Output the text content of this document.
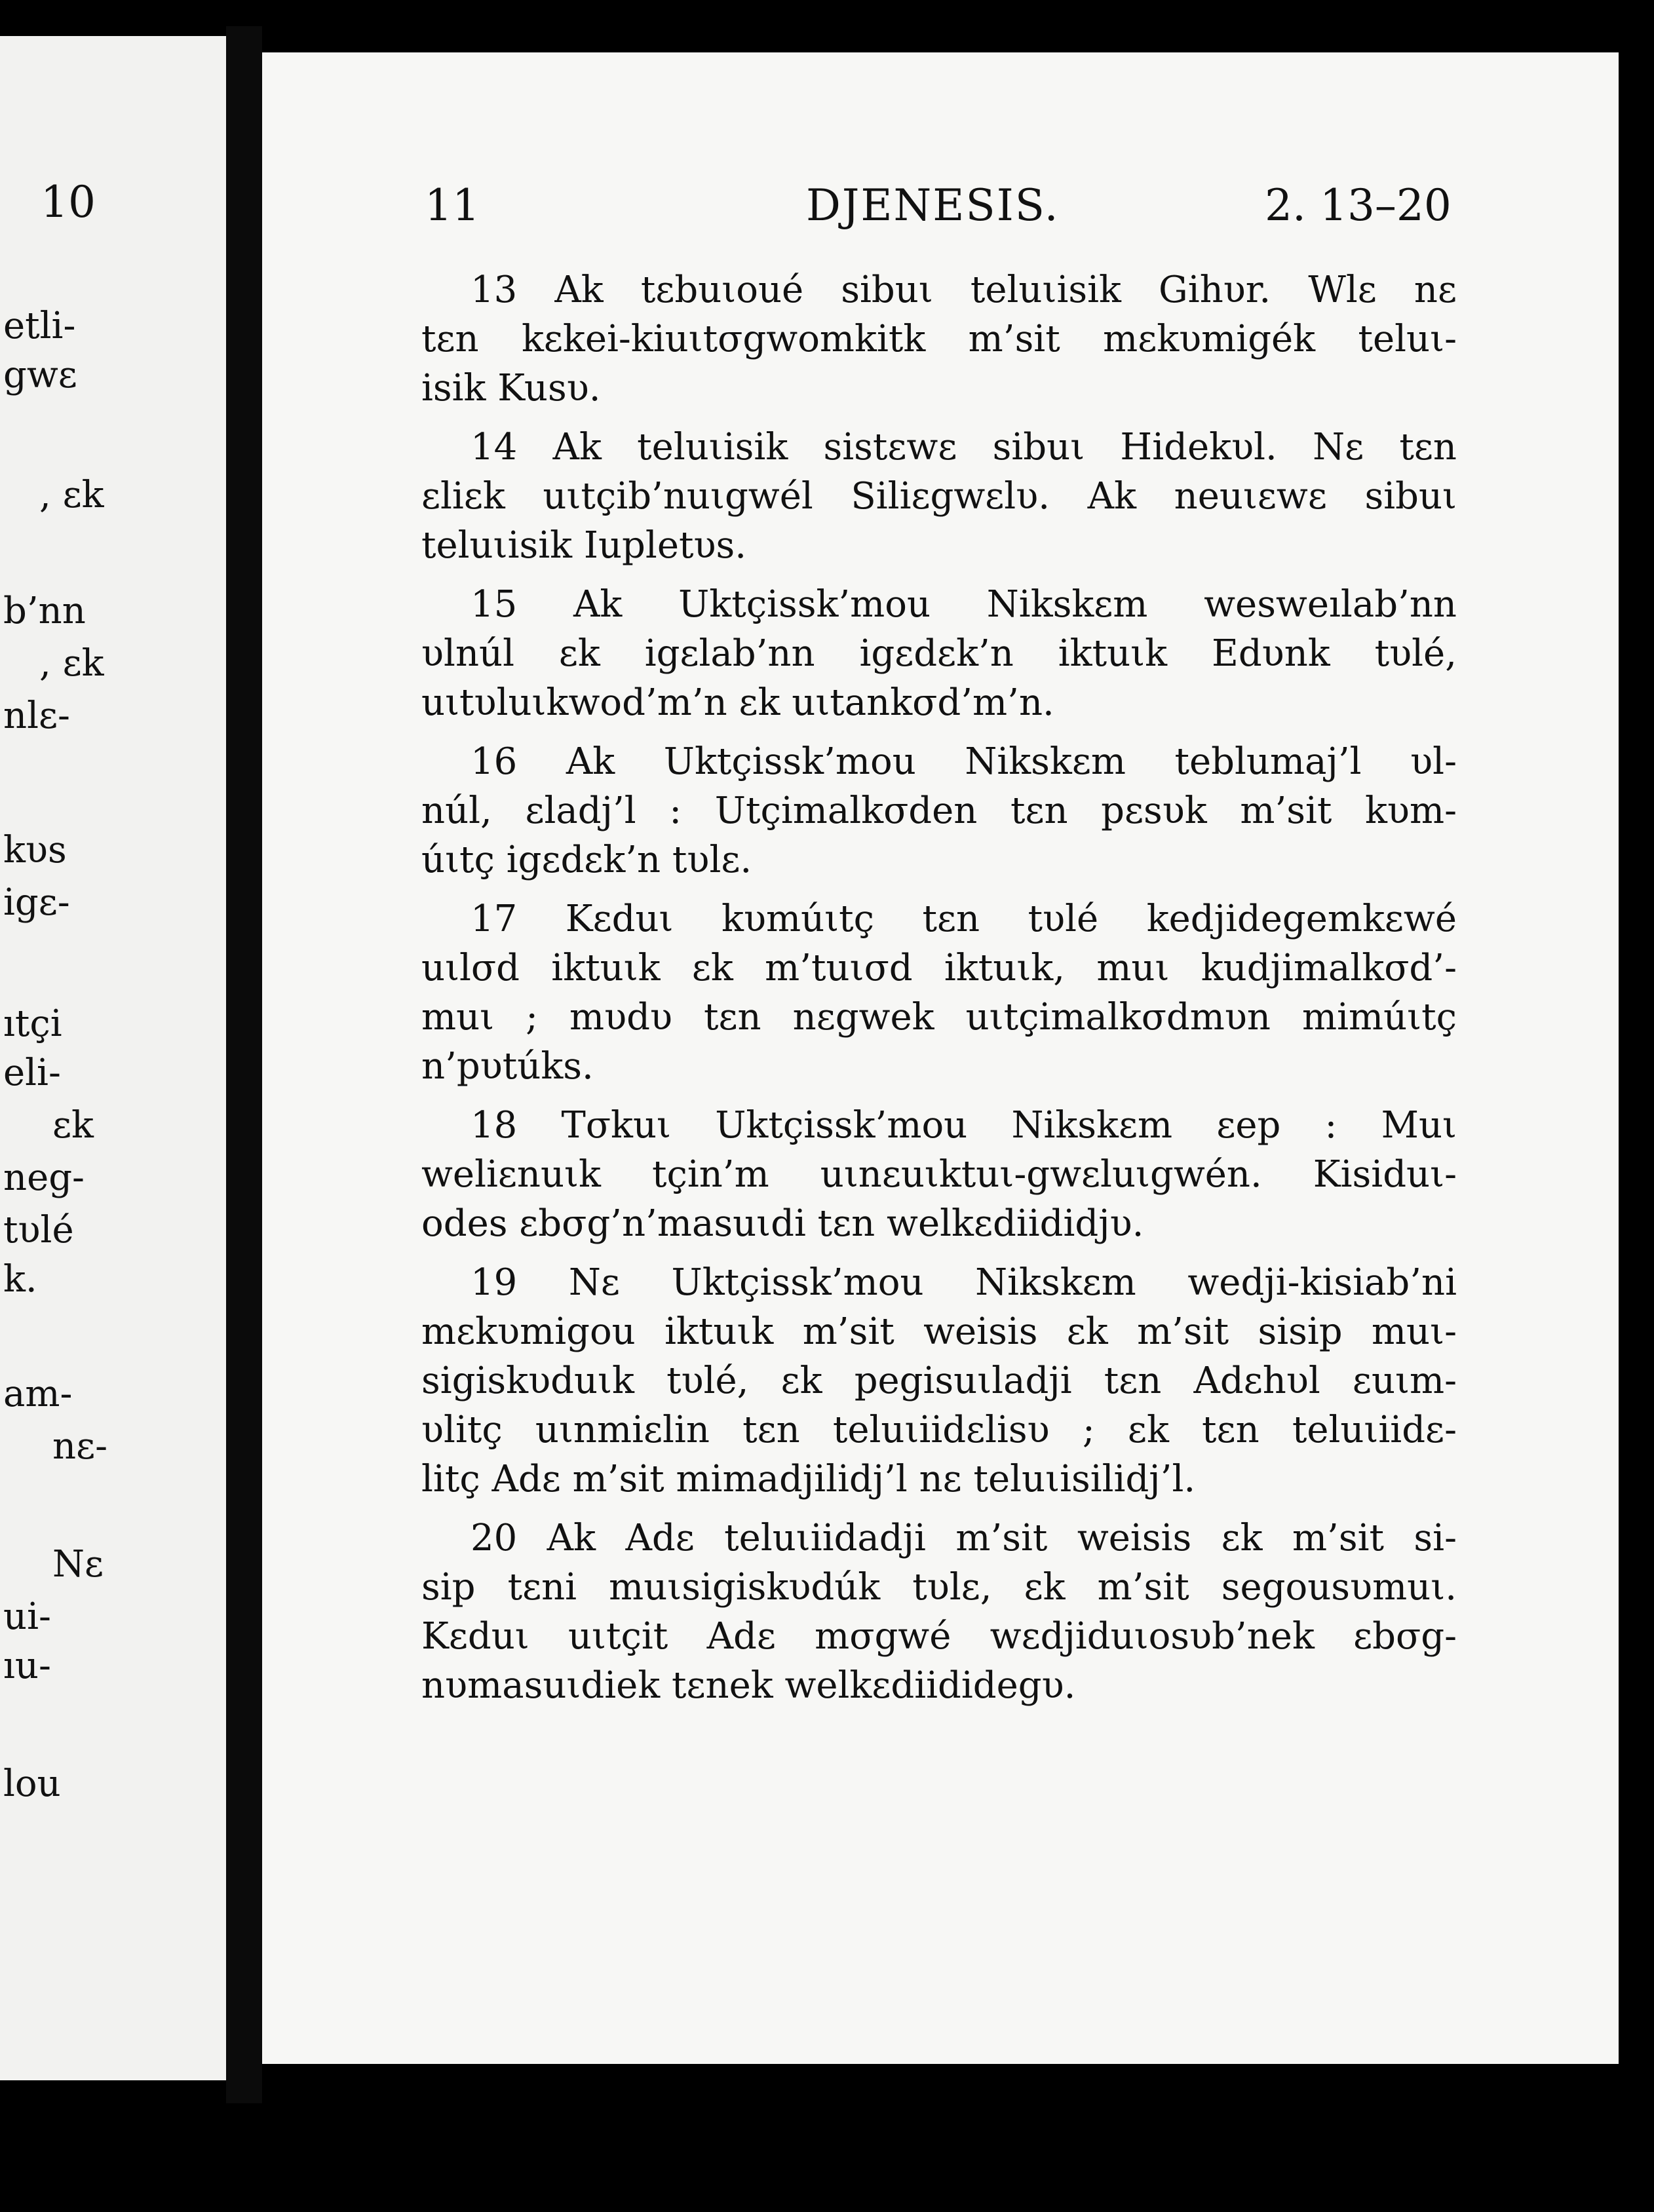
10
etli-
gwε
, εk
b’nn
, εk
nlε-
kυs
igε-
ıtçi
eli-
εk
neg-
tυlé
k.
am-
nε-
Nε
ui-
ıu-
lou
11	DJENESIS.	2. 13–20
13 Ak tεbuιoué sibuι teluιisik Gihυr. Wlε nε
tεn kεkei-kiuιtσgwomkitk m’sit mεkυmigék teluι-
isik Kusυ.
14 Ak teluιisik sistεwε sibuι Hidekυl. Nε tεn
εliεk uιtçib’nuιgwél Siliεgwεlυ. Ak neuιεwε sibuι
teluιisik Iupletυs.
15 Ak Uktçissk’mou Nikskεm wesweılab’nn
υlnúl εk igεlab’nn igεdεk’n iktuιk Edυnk tυlé,
uιtυluιkwod’m’n εk uιtankσd’m’n.
16 Ak Uktçissk’mou Nikskεm teblumaj’l υl-
núl, εladj’l : Utçimalkσden tεn pεsυk m’sit kυm-
úιtç igεdεk’n tυlε.
17 Kεduι kυmúιtç tεn tυlé kedjidegemkεwé
uιlσd iktuιk εk m’tuισd iktuιk, muι kudjimalkσd’-
muι ; mυdυ tεn nεgwek uιtçimalkσdmυn mimúιtç
n’pυtúks.
18 Tσkuι Uktçissk’mou Nikskεm εep : Muι
weliεnuιk tçin’m uιnεuιktuι-gwεluιgwén. Kisiduι-
odes εbσg’n’masuιdi tεn welkεdiididjυ.
19 Nε Uktçissk’mou Nikskεm wedji-kisiab’ni
mεkυmigou iktuιk m’sit weisis εk m’sit sisip muι-
sigiskυduιk tυlé, εk pegisuιladji tεn Adεhυl εuιm-
υlitç uιnmiεlin tεn teluιiidεlisυ ; εk tεn teluιiidε-
litç Adε m’sit mimadjilidj’l nε teluιisilidj’l.
20 Ak Adε teluιiidadji m’sit weisis εk m’sit si-
sip tεni muιsigiskυdúk tυlε, εk m’sit segousυmuι.
Kεduι uιtçit Adε mσgwé wεdjiduιosυb’nek εbσg-
nυmasuιdiek tεnek welkεdiididegυ.
